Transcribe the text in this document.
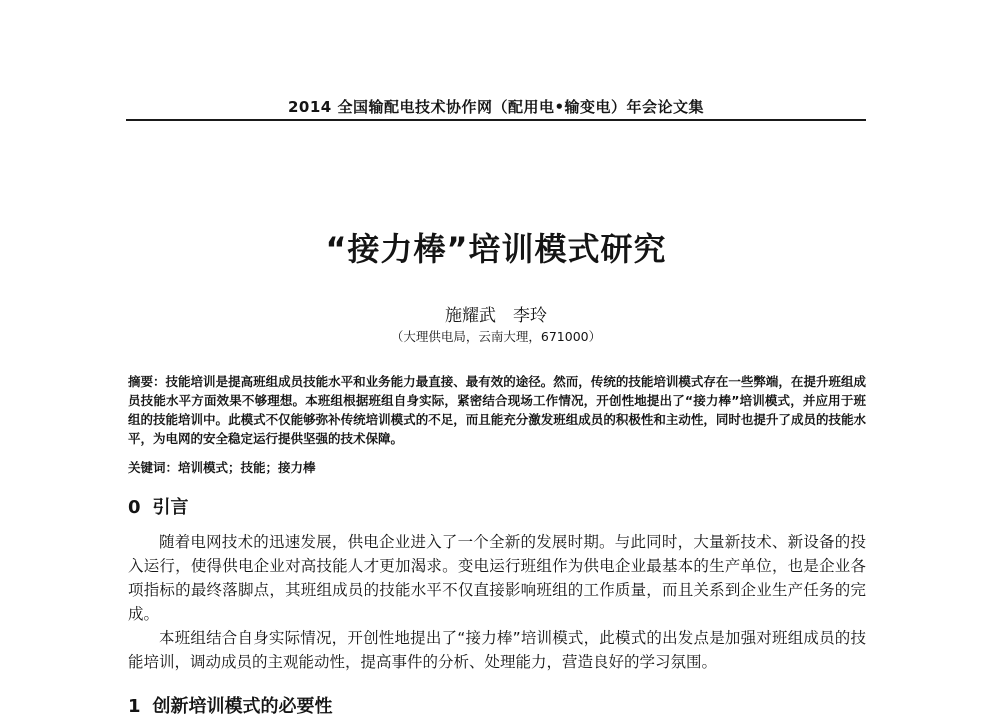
2014 全国输配电技术协作网（配用电•输变电）年会论文集
“接力棒”培训模式研究
施耀武　李玲
（大理供电局，云南大理，671000）
摘要：技能培训是提高班组成员技能水平和业务能力最直接、最有效的途径。然而，传统的技能培训模式存在一些弊端，在提升班组成员技能水平方面效果不够理想。本班组根据班组自身实际，紧密结合现场工作情况，开创性地提出了“接力棒”培训模式，并应用于班组的技能培训中。此模式不仅能够弥补传统培训模式的不足，而且能充分激发班组成员的积极性和主动性，同时也提升了成员的技能水平，为电网的安全稳定运行提供坚强的技术保障。
关键词：培训模式；技能；接力棒
0 引言

随着电网技术的迅速发展，供电企业进入了一个全新的发展时期。与此同时，大量新技术、新设备的投入运行，使得供电企业对高技能人才更加渴求。变电运行班组作为供电企业最基本的生产单位，也是企业各项指标的最终落脚点，其班组成员的技能水平不仅直接影响班组的工作质量，而且关系到企业生产任务的完成。

本班组结合自身实际情况，开创性地提出了“接力棒”培训模式，此模式的出发点是加强对班组成员的技能培训，调动成员的主观能动性，提高事件的分析、处理能力，营造良好的学习氛围。

1 创新培训模式的必要性
